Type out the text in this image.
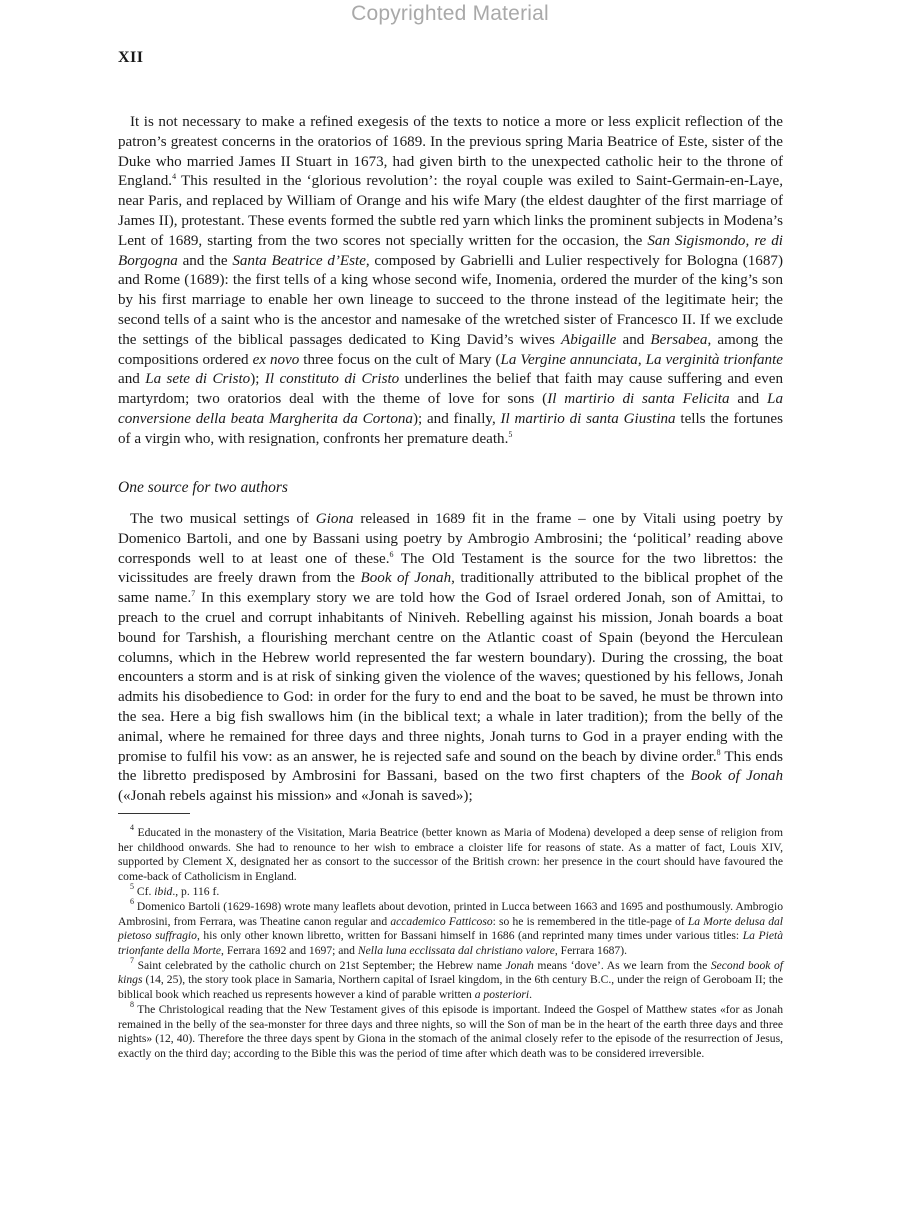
Copyrighted Material
XII

It is not necessary to make a refined exegesis of the texts to notice a more or less explicit reflection of the patron’s greatest concerns in the oratorios of 1689. In the previous spring Maria Beatrice of Este, sister of the Duke who married James II Stuart in 1673, had given birth to the unexpected catholic heir to the throne of England.$^4$ This resulted in the ‘glorious revolution’: the royal couple was exiled to Saint-Germain-en-Laye, near Paris, and replaced by William of Orange and his wife Mary (the eldest daughter of the first marriage of James II), protestant. These events formed the subtle red yarn which links the prominent subjects in Modena’s Lent of 1689, starting from the two scores not specially written for the occasion, the San Sigismondo, re di Borgogna and the Santa Beatrice d’Este, composed by Gabrielli and Lulier respectively for Bologna (1687) and Rome (1689): the first tells of a king whose second wife, Inomenia, ordered the murder of the king’s son by his first marriage to enable her own lineage to succeed to the throne instead of the legitimate heir; the second tells of a saint who is the ancestor and namesake of the wretched sister of Francesco II. If we exclude the settings of the biblical passages dedicated to King David’s wives Abigaille and Bersabea, among the compositions ordered ex novo three focus on the cult of Mary (La Vergine annunciata, La verginità trionfante and La sete di Cristo); Il constituto di Cristo underlines the belief that faith may cause suffering and even martyrdom; two oratorios deal with the theme of love for sons (Il martirio di santa Felicita and La conversione della beata Margherita da Cortona); and finally, Il martirio di santa Giustina tells the fortunes of a virgin who, with resignation, confronts her premature death.$^5$

One source for two authors

The two musical settings of Giona released in 1689 fit in the frame – one by Vitali using poetry by Domenico Bartoli, and one by Bassani using poetry by Ambrogio Ambrosini; the ‘political’ reading above corresponds well to at least one of these.$^6$ The Old Testament is the source for the two librettos: the vicissitudes are freely drawn from the Book of Jonah, traditionally attributed to the biblical prophet of the same name.$^7$ In this exemplary story we are told how the God of Israel ordered Jonah, son of Amittai, to preach to the cruel and corrupt inhabitants of Niniveh. Rebelling against his mission, Jonah boards a boat bound for Tarshish, a flourishing merchant centre on the Atlantic coast of Spain (beyond the Herculean columns, which in the Hebrew world represented the far western boundary). During the crossing, the boat encounters a storm and is at risk of sinking given the violence of the waves; questioned by his fellows, Jonah admits his disobedience to God: in order for the fury to end and the boat to be saved, he must be thrown into the sea. Here a big fish swallows him (in the biblical text; a whale in later tradition); from the belly of the animal, where he remained for three days and three nights, Jonah turns to God in a prayer ending with the promise to fulfil his vow: as an answer, he is rejected safe and sound on the beach by divine order.$^8$ This ends the libretto predisposed by Ambrosini for Bassani, based on the two first chapters of the Book of Jonah («Jonah rebels against his mission» and «Jonah is saved»);

$^4$ Educated in the monastery of the Visitation, Maria Beatrice (better known as Maria of Modena) developed a deep sense of religion from her childhood onwards. She had to renounce to her wish to embrace a cloister life for reasons of state. As a matter of fact, Louis XIV, supported by Clement X, designated her as consort to the successor of the British crown: her presence in the court should have favoured the come-back of Catholicism in England.

$^5$ Cf. ibid., p. 116 f.

$^6$ Domenico Bartoli (1629-1698) wrote many leaflets about devotion, printed in Lucca between 1663 and 1695 and posthumously. Ambrogio Ambrosini, from Ferrara, was Theatine canon regular and accademico Fatticoso: so he is remembered in the title-page of La Morte delusa dal pietoso suffragio, his only other known libretto, written for Bassani himself in 1686 (and reprinted many times under various titles: La Pietà trionfante della Morte, Ferrara 1692 and 1697; and Nella luna ecclissata dal christiano valore, Ferrara 1687).

$^7$ Saint celebrated by the catholic church on 21st September; the Hebrew name Jonah means ‘dove’. As we learn from the Second book of kings (14, 25), the story took place in Samaria, Northern capital of Israel kingdom, in the 6th century B.C., under the reign of Geroboam II; the biblical book which reached us represents however a kind of parable written a posteriori.

$^8$ The Christological reading that the New Testament gives of this episode is important. Indeed the Gospel of Matthew states «for as Jonah remained in the belly of the sea-monster for three days and three nights, so will the Son of man be in the heart of the earth three days and three nights» (12, 40). Therefore the three days spent by Giona in the stomach of the animal closely refer to the episode of the resurrection of Jesus, exactly on the third day; according to the Bible this was the period of time after which death was to be considered irreversible.
